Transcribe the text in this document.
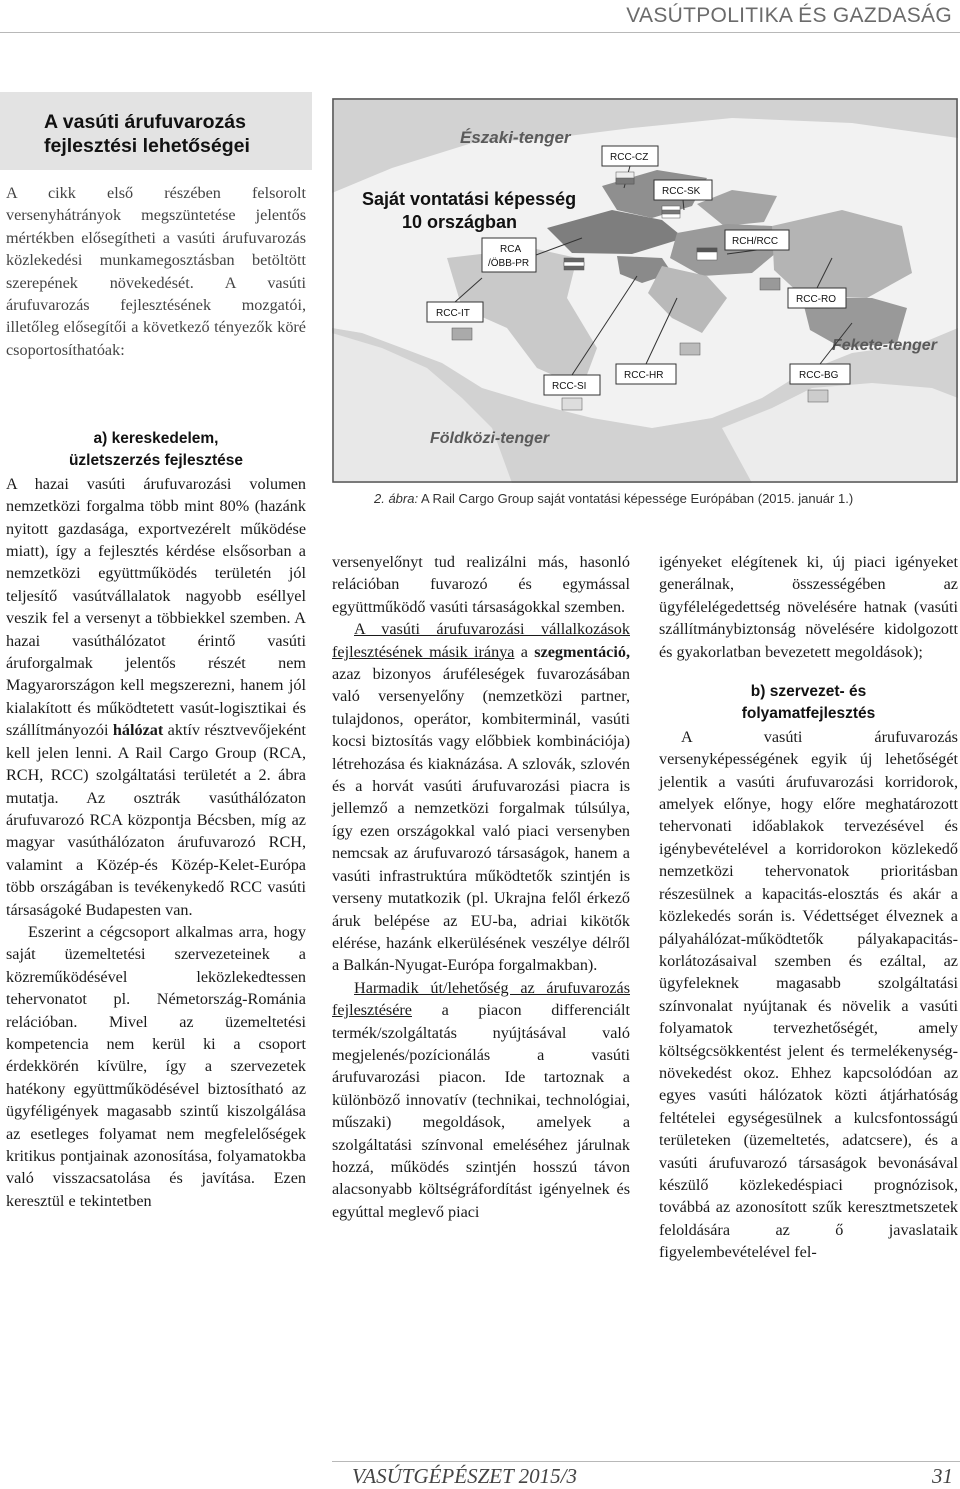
VASÚTPOLITIKA ÉS GAZDASÁG
A vasúti árufuvarozás
fejlesztési lehetőségei

A cikk első részében felsorolt versenyhátrányok megszüntetése jelentős mértékben elősegítheti a vasúti árufuvarozás közlekedési munkamegosztásban betöltött szerepének növekedését. A vasúti árufuvarozás fejlesztésének mozgatói, illetőleg elősegítői a következő tényezők köré csoportosíthatóak:

a) kereskedelem,
üzletszerzés fejlesztése

A hazai vasúti árufuvarozási volumen nemzetközi forgalma több mint 80% (hazánk nyitott gazdasága, exportvezérelt működése miatt), így a fejlesztés kérdése elsősorban a nemzetközi együttműködés területén jól teljesítő vasútvállalatok nagyobb eséllyel veszik fel a versenyt a többiekkel szemben. A hazai vasúthálózatot érintő vasúti áruforgalmak jelentős részét nem Magyarországon kell megszerezni, hanem jól kialakított és működtetett vasút-logisztikai és szállítmányozói hálózat aktív résztvevőjeként kell jelen lenni. A Rail Cargo Group (RCA, RCH, RCC) szolgáltatási területét a 2. ábra mutatja. Az osztrák vasúthálózaton árufuvarozó RCA központja Bécsben, míg az magyar vasúthálózaton árufuvarozó RCH, valamint a Közép-és Közép-Kelet-Európa több országában is tevékenykedő RCC vasúti társaságoké Budapesten van.

Eszerint a cégcsoport alkalmas arra, hogy saját üzemeltetési szervezeteinek a közreműködésével leközlekedtessen tehervonatot pl. Németország-Románia relációban. Mivel az üzemeltetési kompetencia nem kerül ki a csoport érdekkörén kívülre, így a szervezetek hatékony együttműködésével biztosítható az ügyféligények magasabb szintű kiszolgálása az esetleges folyamat nem megfelelőségek kritikus pontjainak azonosítása, folyamatokba való visszacsatolása és javítása. Ezen keresztül e tekintetben

Északi-tenger
Fekete-tenger
Földközi-tenger
Saját vontatási képesség
10 országban
RCC-CZ
RCC-SK
RCA
/ÖBB-PR
RCH/RCC
RCC-RO
RCC-IT
RCC-SI
RCC-HR	RCC-BG
2. ábra: A Rail Cargo Group saját vontatási képessége Európában (2015. január 1.)

versenyelőnyt tud realizálni más, hasonló relációban fuvarozó és egymással együttműködő vasúti társaságokkal szemben.

A vasúti árufuvarozási vállalkozások fejlesztésének másik iránya a szegmentáció, azaz bizonyos áruféleségek fuvarozásában való versenyelőny (nemzetközi partner, tulajdonos, operátor, kombiterminál, vasúti kocsi biztosítás vagy előbbiek kombinációja) létrehozása és kiaknázása. A szlovák, szlovén és a horvát vasúti árufuvarozási piacra is jellemző a nemzetközi forgalmak túlsúlya, így ezen országokkal való piaci versenyben nemcsak az árufuvarozó társaságok, hanem a vasúti infrastruktúra működtetők szintjén is verseny mutatkozik (pl. Ukrajna felől érkező áruk belépése az EU-ba, adriai kikötők elérése, hazánk elkerülésének veszélye délről a Balkán-Nyugat-Európa forgalmakban).

Harmadik út/lehetőség az árufuvarozás fejlesztésére a piacon differenciált termék/szolgáltatás nyújtásával való megjelenés/pozícionálás a vasúti árufuvarozási piacon. Ide tartoznak a különböző innovatív (technikai, technológiai, műszaki) megoldások, amelyek a szolgáltatási színvonal emeléséhez járulnak hozzá, működés szintjén hosszú távon alacsonyabb költségráfordítást igényelnek és egyúttal meglevő piaci

igényeket elégítenek ki, új piaci igényeket generálnak, összességében az ügyfélelégedettség növelésére hatnak (vasúti szállítmánybiztonság növelésére kidolgozott és gyakorlatban bevezetett megoldások);

b) szervezet- és
folyamatfejlesztés

A vasúti árufuvarozás versenyképességének egyik új lehetőségét jelentik a vasúti árufuvarozási korridorok, amelyek előnye, hogy előre meghatározott tehervonati időablakok tervezésével és igénybevételével a korridorokon közlekedő nemzetközi tehervonatok prioritásban részesülnek a kapacitás-elosztás és akár a közlekedés során is. Védettséget élveznek a pályahálózat-működtetők pályakapacitás-korlátozásaival szemben és ezáltal, az ügyfeleknek magasabb szolgáltatási színvonalat nyújtanak és növelik a vasúti folyamatok tervezhetőségét, amely költségcsökkentést jelent és termelékenység-növekedést okoz. Ehhez kapcsolódóan az egyes vasúti hálózatok közti átjárhatóság feltételei egységesülnek a kulcsfontosságú területeken (üzemeltetés, adatcsere), és a vasúti árufuvarozó társaságok bevonásával készülő közlekedéspiaci prognózisok, továbbá az azonosított szűk keresztmetszetek feloldására az ő javaslataik figyelembevételével fel-

VASÚTGÉPÉSZET 2015/3	31
